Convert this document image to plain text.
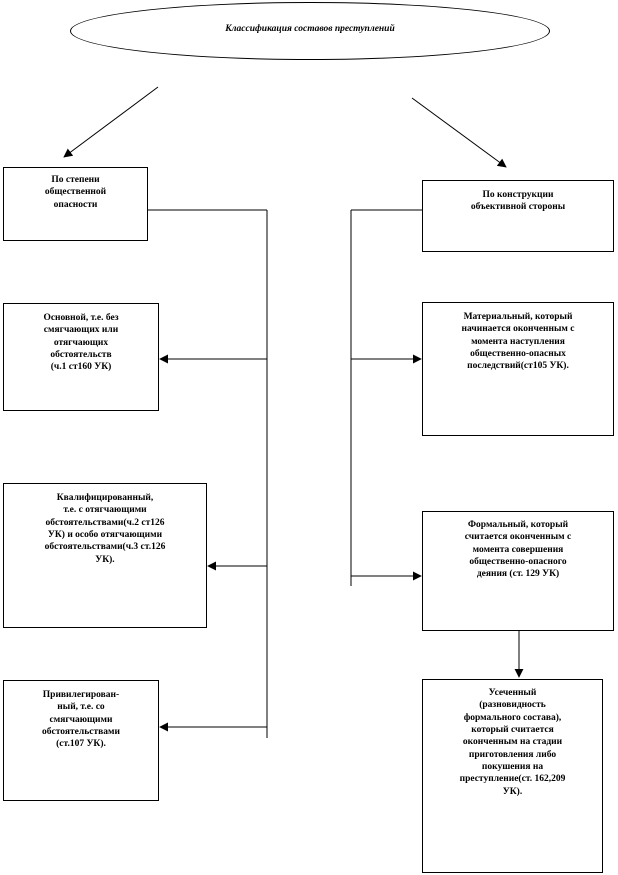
Классификация составов преступлений
По степени
общественной
опасности
Основной, т.е. без
смягчающих или
отягчающих
обстоятельств
(ч.1 ст160 УК)
Квалифицированный,
т.е. с отягчающими
обстоятельствами(ч.2 ст126
УК) и особо отягчающими
обстоятельствами(ч.3 ст.126
УК).
Привилегирован-
ный, т.е. со
смягчающими
обстоятельствами
(ст.107 УК).
По конструкции
объективной стороны
Материальный, который
начинается оконченным с
момента наступления
общественно-опасных
последствий(ст105 УК).
Формальный, который
считается оконченным с
момента совершения
общественно-опасного
деяния (ст. 129 УК)
Усеченный
(разновидность
формального состава),
который считается
оконченным на стадии
приготовления либо
покушения на
преступление(ст. 162,209
УК).
